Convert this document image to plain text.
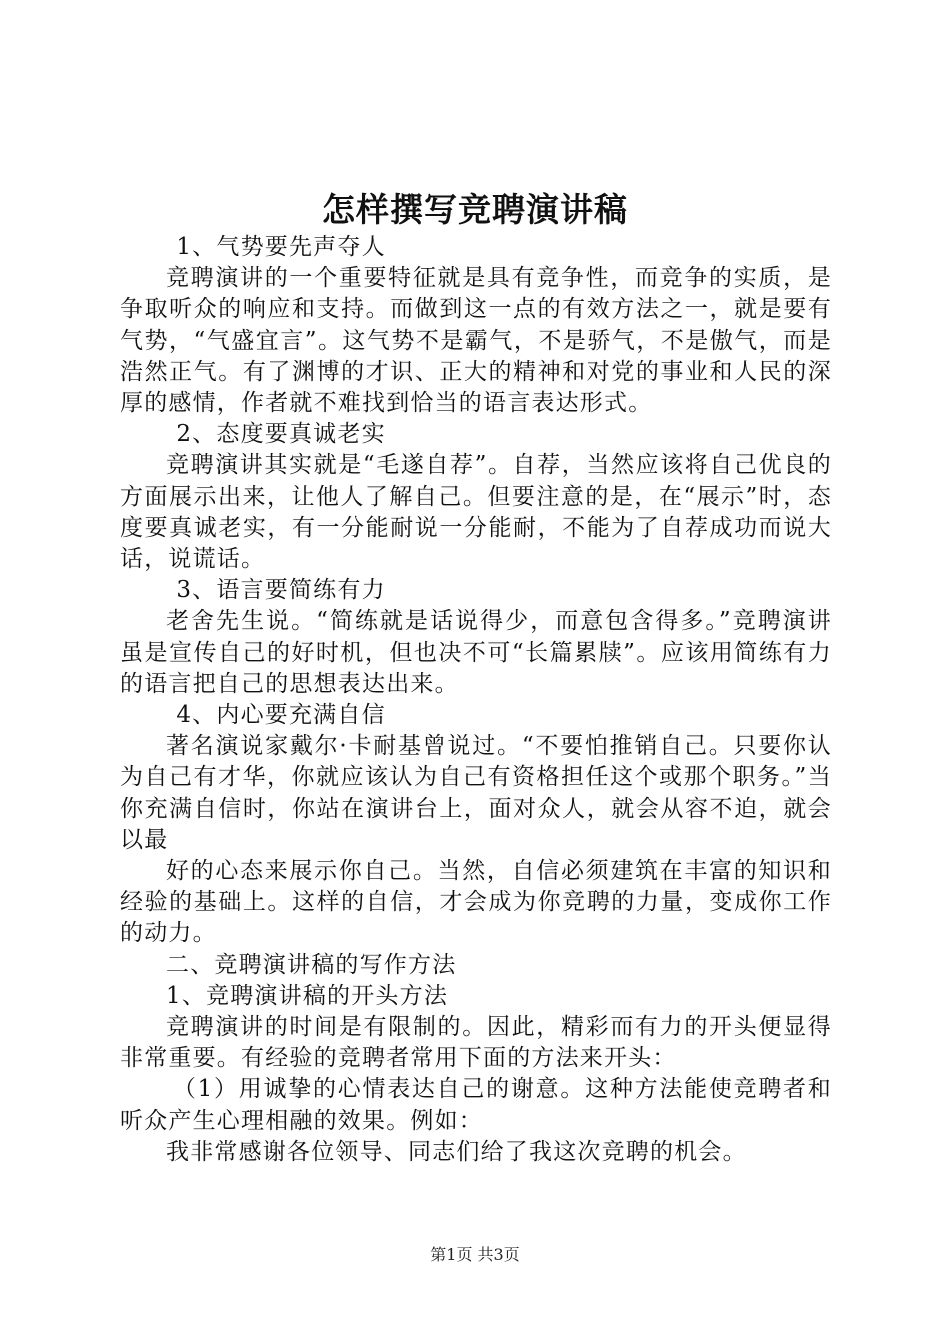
怎样撰写竞聘演讲稿

1、气势要先声夺人

竞聘演讲的一个重要特征就是具有竞争性，而竞争的实质，是争取听众的响应和支持。而做到这一点的有效方法之一，就是要有气势，“气盛宜言”。这气势不是霸气，不是骄气，不是傲气，而是浩然正气。有了渊博的才识、正大的精神和对党的事业和人民的深厚的感情，作者就不难找到恰当的语言表达形式。

2、态度要真诚老实

竞聘演讲其实就是“毛遂自荐”。自荐，当然应该将自己优良的方面展示出来，让他人了解自己。但要注意的是，在“展示”时，态度要真诚老实，有一分能耐说一分能耐，不能为了自荐成功而说大话，说谎话。

3、语言要简练有力

老舍先生说。“简练就是话说得少，而意包含得多。”竞聘演讲虽是宣传自己的好时机，但也决不可“长篇累牍”。应该用简练有力的语言把自己的思想表达出来。

4、内心要充满自信

著名演说家戴尔·卡耐基曾说过。“不要怕推销自己。只要你认为自己有才华，你就应该认为自己有资格担任这个或那个职务。”当你充满自信时，你站在演讲台上，面对众人，就会从容不迫，就会以最

好的心态来展示你自己。当然，自信必须建筑在丰富的知识和经验的基础上。这样的自信，才会成为你竞聘的力量，变成你工作的动力。

二、竞聘演讲稿的写作方法

1、竞聘演讲稿的开头方法

竞聘演讲的时间是有限制的。因此，精彩而有力的开头便显得非常重要。有经验的竞聘者常用下面的方法来开头：

（1）用诚挚的心情表达自己的谢意。这种方法能使竞聘者和听众产生心理相融的效果。例如：

我非常感谢各位领导、同志们给了我这次竞聘的机会。

第1页 共3页
